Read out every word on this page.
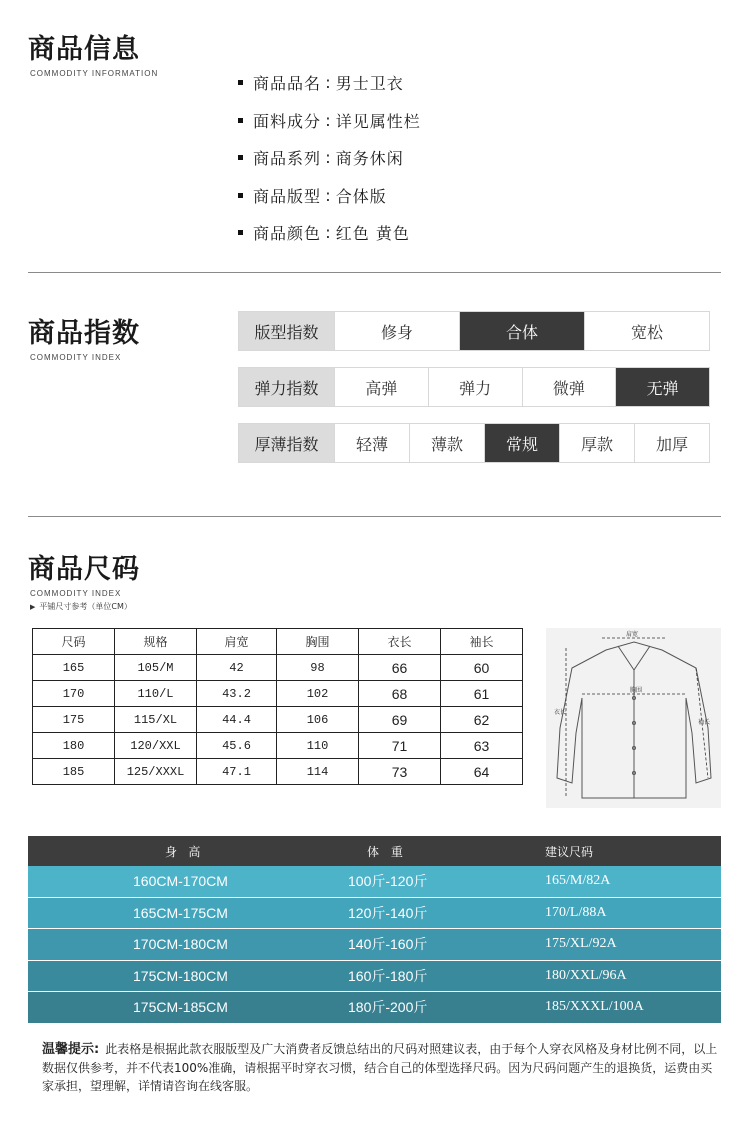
商品信息
COMMODITY INFORMATION
商品品名  :  男士卫衣
面料成分  :  详见属性栏
商品系列  :  商务休闲
商品版型  :  合体版
商品颜色  :  红色 黄色
商品指数
COMMODITY INDEX
版型指数	修身	合体	宽松
弹力指数	高弹	弹力	微弹	无弹
厚薄指数	轻薄	薄款	常规	厚款	加厚
商品尺码
COMMODITY INDEX
▶ 平铺尺寸参考（单位CM）
尺码	规格	肩宽	胸围	衣长	袖长
165	105/M	42	98	66	60
170	110/L	43.2	102	68	61
175	115/XL	44.4	106	69	62
180	120/XXL	45.6	110	71	63
185	125/XXXL	47.1	114	73	64
肩宽
胸围
衣长
袖长
身 高	体 重	建议尺码
160CM-170CM	100斤-120斤	165/M/82A
165CM-175CM	120斤-140斤	170/L/88A
170CM-180CM	140斤-160斤	175/XL/92A
175CM-180CM	160斤-180斤	180/XXL/96A
175CM-185CM	180斤-200斤	185/XXXL/100A
温馨提示: 此表格是根据此款衣服版型及广大消费者反馈总结出的尺码对照建议表，由于每个人穿衣风格及身材比例不同，以上数据仅供参考，并不代表100%准确，请根据平时穿衣习惯，结合自己的体型选择尺码。因为尺码问题产生的退换货，运费由买家承担，望理解，详情请咨询在线客服。
